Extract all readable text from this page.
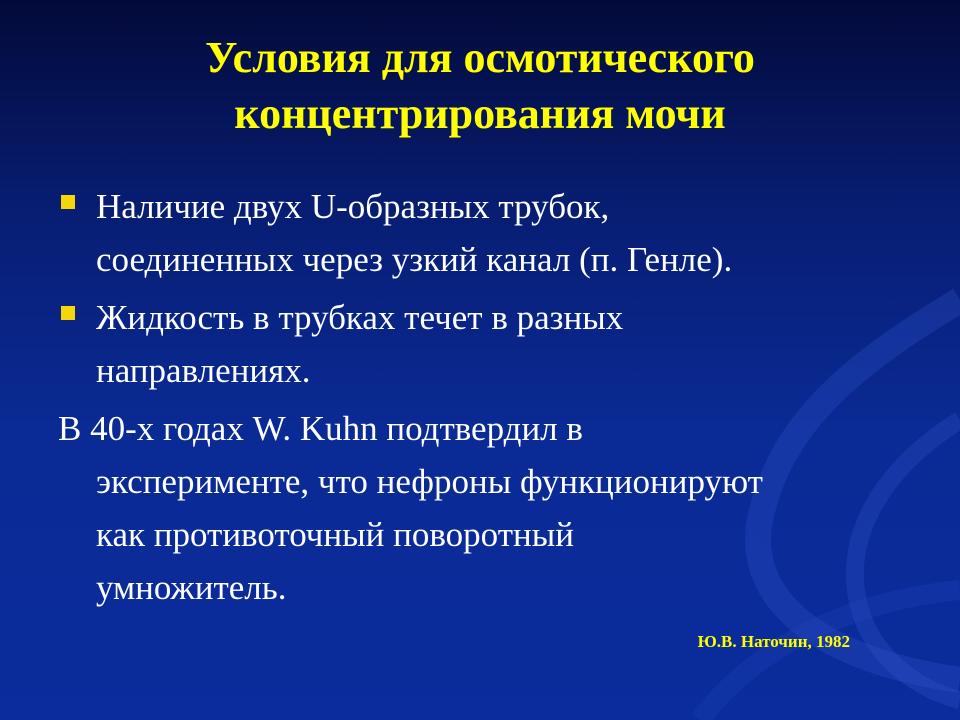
Условия для осмотического
концентрирования мочи
Наличие двух U-образных трубок,
соединенных через узкий канал (п. Генле).
Жидкость в трубках течет в разных
направлениях.
В 40-х годах W. Kuhn подтвердил в
эксперименте, что нефроны функционируют
как противоточный поворотный
умножитель.
Ю.В. Наточин, 1982
